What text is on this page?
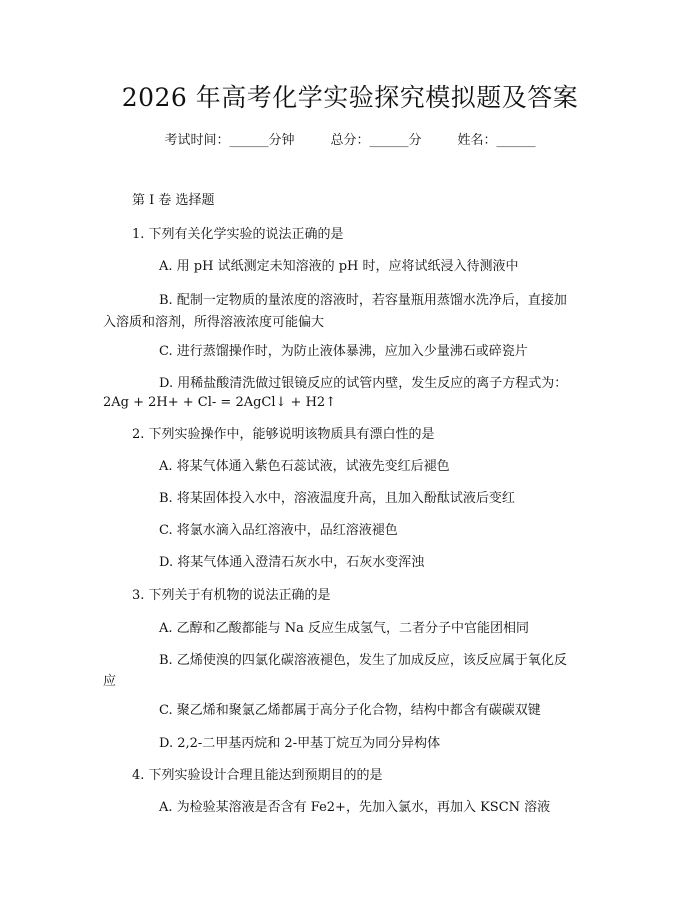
2026 年高考化学实验探究模拟题及答案
考试时间：______分钟	总分：______分	姓名：______
第 I 卷 选择题
1. 下列有关化学实验的说法正确的是
A. 用 pH 试纸测定未知溶液的 pH 时，应将试纸浸入待测液中
B. 配制一定物质的量浓度的溶液时，若容量瓶用蒸馏水洗净后，直接加
入溶质和溶剂，所得溶液浓度可能偏大
C. 进行蒸馏操作时，为防止液体暴沸，应加入少量沸石或碎瓷片
D. 用稀盐酸清洗做过银镜反应的试管内壁，发生反应的离子方程式为：
2Ag + 2H+ + Cl- = 2AgCl↓ + H2↑
2. 下列实验操作中，能够说明该物质具有漂白性的是
A. 将某气体通入紫色石蕊试液，试液先变红后褪色
B. 将某固体投入水中，溶液温度升高，且加入酚酞试液后变红
C. 将氯水滴入品红溶液中，品红溶液褪色
D. 将某气体通入澄清石灰水中，石灰水变浑浊
3. 下列关于有机物的说法正确的是
A. 乙醇和乙酸都能与 Na 反应生成氢气，二者分子中官能团相同
B. 乙烯使溴的四氯化碳溶液褪色，发生了加成反应，该反应属于氧化反
应
C. 聚乙烯和聚氯乙烯都属于高分子化合物，结构中都含有碳碳双键
D. 2,2-二甲基丙烷和 2-甲基丁烷互为同分异构体
4. 下列实验设计合理且能达到预期目的的是
A. 为检验某溶液是否含有 Fe2+，先加入氯水，再加入 KSCN 溶液
